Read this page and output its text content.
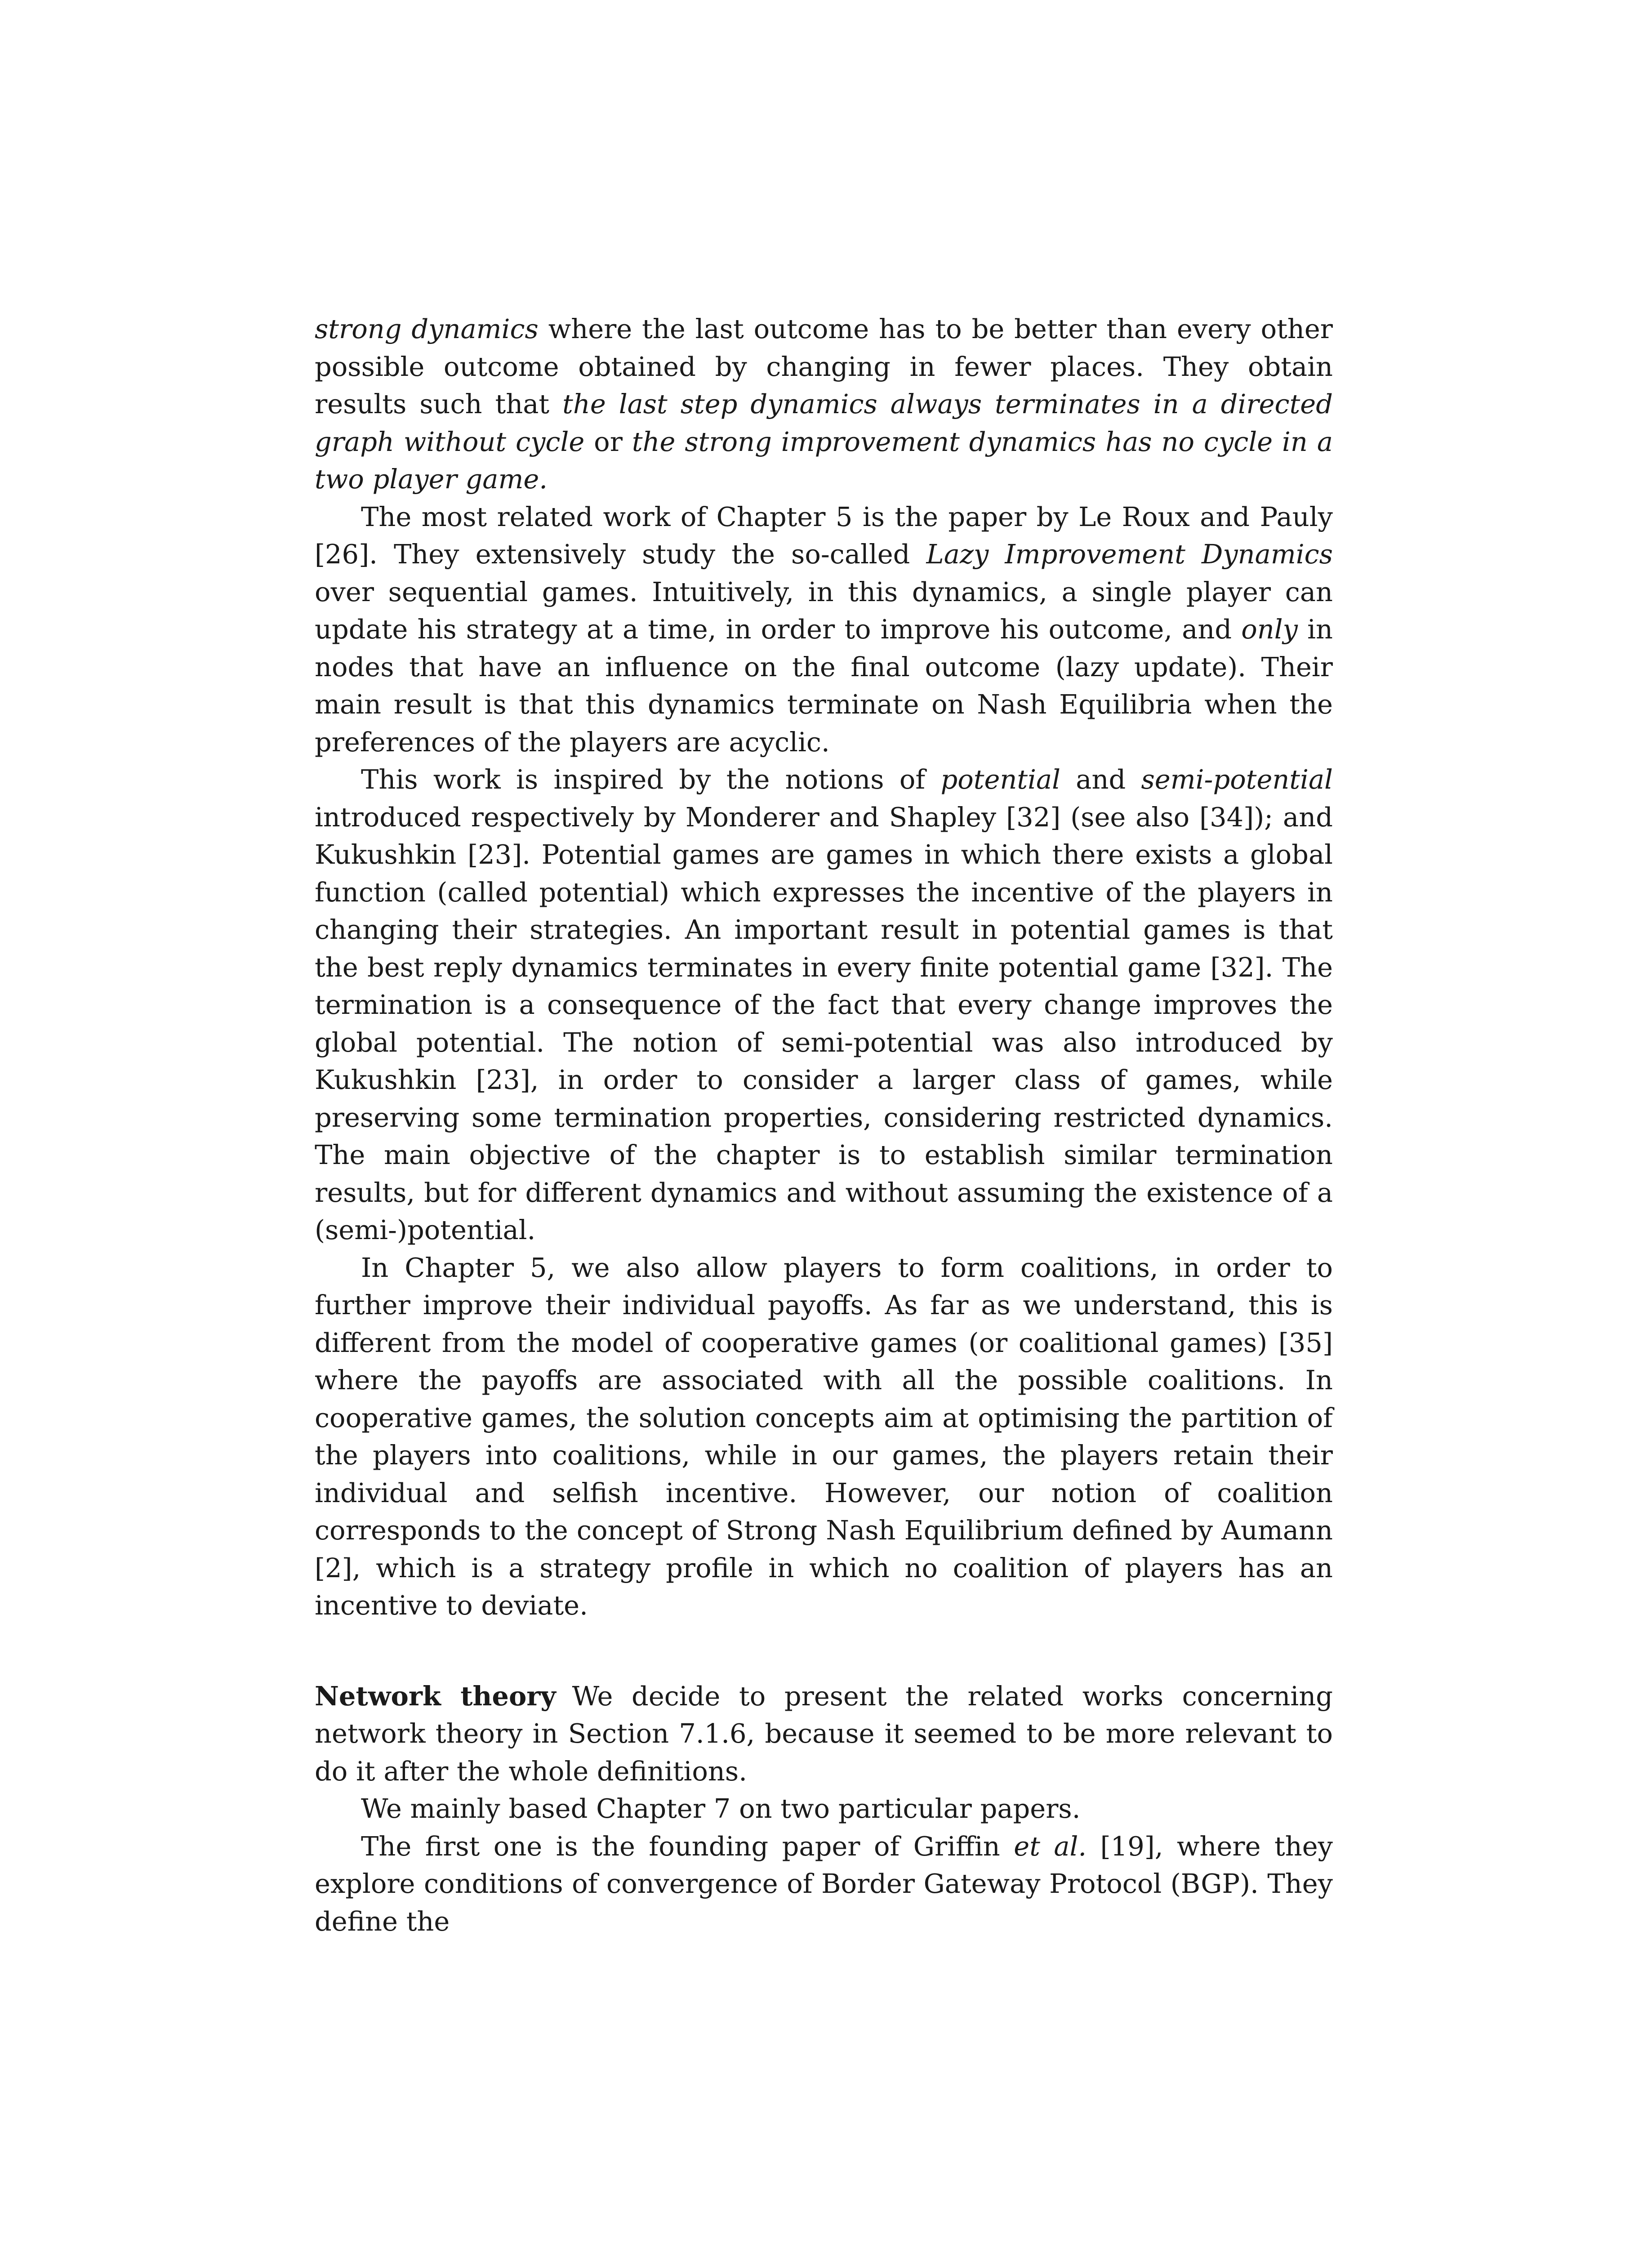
strong dynamics where the last outcome has to be better than every other possible outcome obtained by changing in fewer places. They obtain results such that the last step dynamics always terminates in a directed graph without cycle or the strong improvement dynamics has no cycle in a two player game.

The most related work of Chapter 5 is the paper by Le Roux and Pauly [26]. They extensively study the so-called Lazy Improvement Dynamics over sequential games. Intuitively, in this dynamics, a single player can update his strategy at a time, in order to improve his outcome, and only in nodes that have an influence on the final outcome (lazy update). Their main result is that this dynamics terminate on Nash Equilibria when the preferences of the players are acyclic.

This work is inspired by the notions of potential and semi-potential introduced respectively by Monderer and Shapley [32] (see also [34]); and Kukushkin [23]. Potential games are games in which there exists a global function (called potential) which expresses the incentive of the players in changing their strategies. An important result in potential games is that the best reply dynamics terminates in every finite potential game [32]. The termination is a consequence of the fact that every change improves the global potential. The notion of semi-potential was also introduced by Kukushkin [23], in order to consider a larger class of games, while preserving some termination properties, considering restricted dynamics. The main objective of the chapter is to establish similar termination results, but for different dynamics and without assuming the existence of a (semi-)potential.

In Chapter 5, we also allow players to form coalitions, in order to further improve their individual payoffs. As far as we understand, this is different from the model of cooperative games (or coalitional games) [35] where the payoffs are associated with all the possible coalitions. In cooperative games, the solution concepts aim at optimising the partition of the players into coalitions, while in our games, the players retain their individual and selfish incentive. However, our notion of coalition corresponds to the concept of Strong Nash Equilibrium defined by Aumann [2], which is a strategy profile in which no coalition of players has an incentive to deviate.

Network theory We decide to present the related works concerning network theory in Section 7.1.6, because it seemed to be more relevant to do it after the whole definitions.

We mainly based Chapter 7 on two particular papers.

The first one is the founding paper of Griffin et al. [19], where they explore conditions of convergence of Border Gateway Protocol (BGP). They define the
